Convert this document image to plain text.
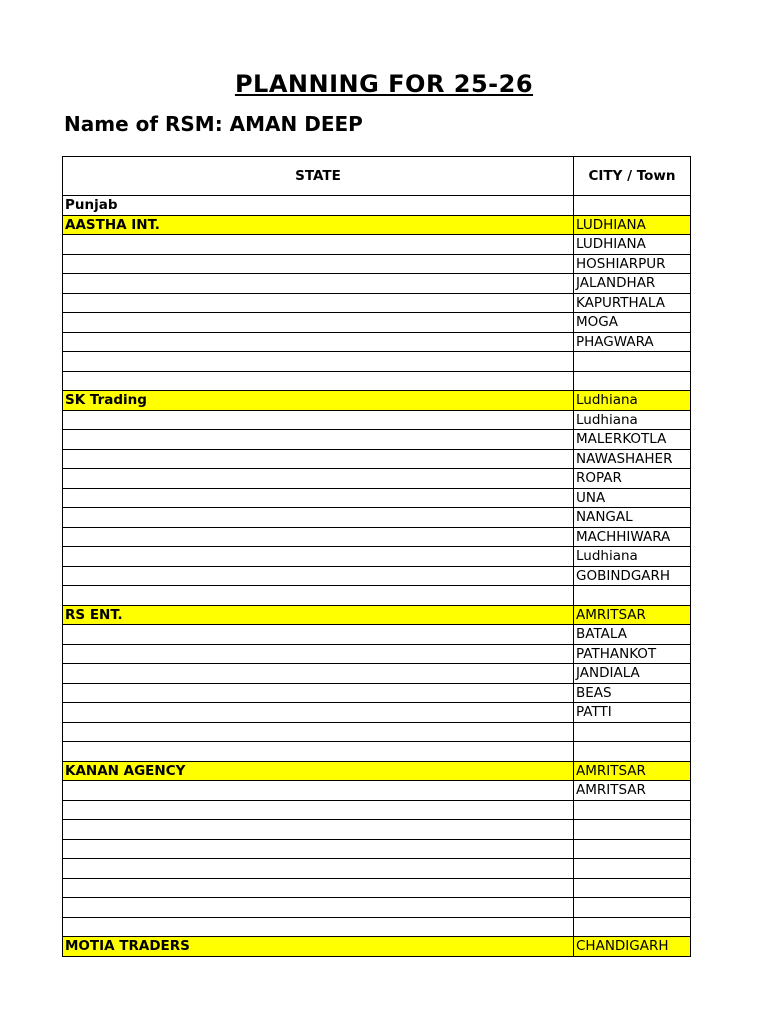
PLANNING FOR 25-26
Name of RSM: AMAN DEEP
STATE	CITY / Town
Punjab	
AASTHA INT.	LUDHIANA
	LUDHIANA
	HOSHIARPUR
	JALANDHAR
	KAPURTHALA
	MOGA
	PHAGWARA

SK Trading	Ludhiana
	Ludhiana
	MALERKOTLA
	NAWASHAHER
	ROPAR
	UNA
	NANGAL
	MACHHIWARA
	Ludhiana
	GOBINDGARH

RS ENT.	AMRITSAR
	BATALA
	PATHANKOT
	JANDIALA
	BEAS
	PATTI

KANAN AGENCY	AMRITSAR
	AMRITSAR

MOTIA TRADERS	CHANDIGARH
